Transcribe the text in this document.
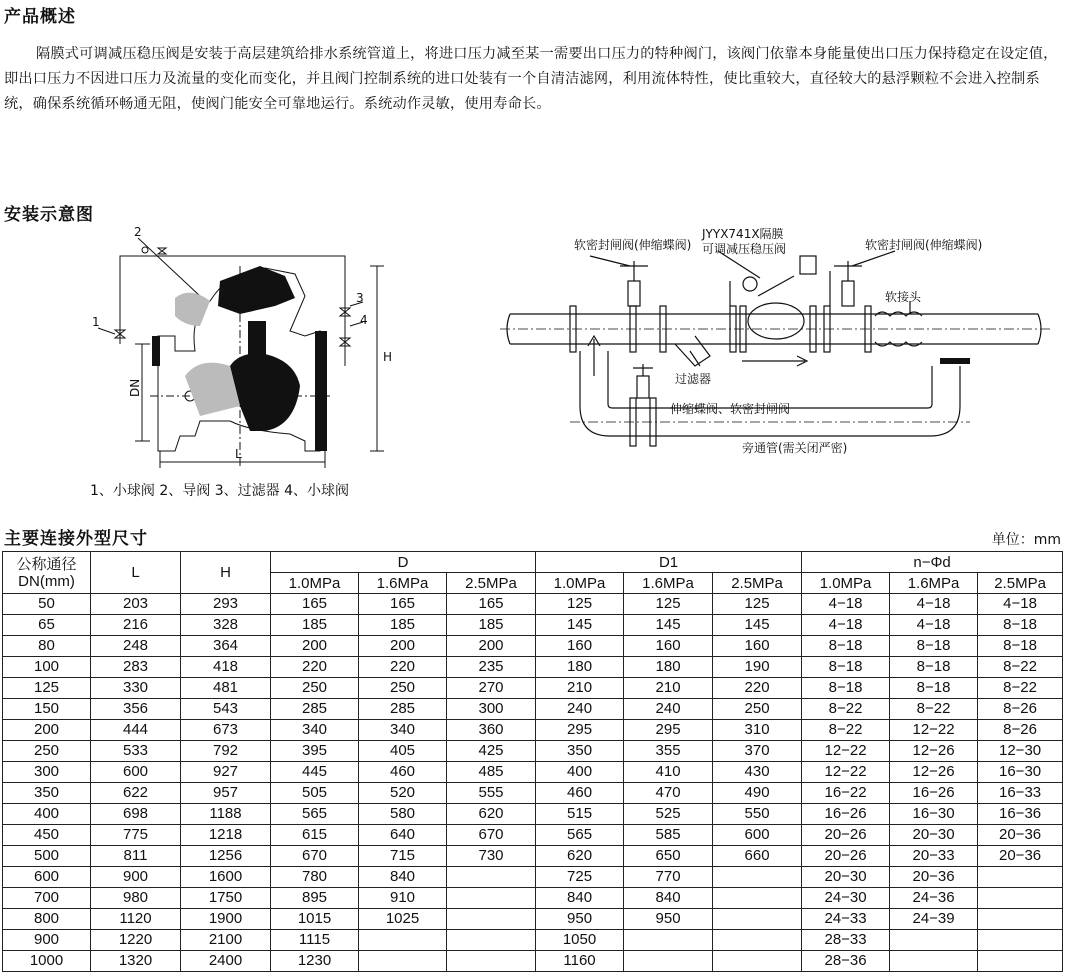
产品概述
隔膜式可调减压稳压阀是安装于高层建筑给排水系统管道上，将进口压力减至某一需要出口压力的特种阀门，该阀门依靠本身能量使出口压力保持稳定在设定值，即出口压力不因进口压力及流量的变化而变化，并且阀门控制系统的进口处装有一个自清洁滤网，利用流体特性，使比重较大，直径较大的悬浮颗粒不会进入控制系统，确保系统循环畅通无阻，使阀门能安全可靠地运行。系统动作灵敏，使用寿命长。
安装示意图
2
1
3
4
H
DN
L
1、小球阀 2、导阀 3、过滤器 4、小球阀
JYYX741X隔膜
可调减压稳压阀
软密封闸阀(伸缩蝶阀)	软密封闸阀(伸缩蝶阀)
软接头
过滤器
伸缩蝶阀、软密封闸阀
旁通管(需关闭严密)
主要连接外型尺寸	单位：mm
公称通径
DN(mm)	L	H	D			D1			n−Φd		
			1.0MPa	1.6MPa	2.5MPa	1.0MPa	1.6MPa	2.5MPa	1.0MPa	1.6MPa	2.5MPa
50	203	293	165	165	165	125	125	125	4−18	4−18	4−18
65	216	328	185	185	185	145	145	145	4−18	4−18	8−18
80	248	364	200	200	200	160	160	160	8−18	8−18	8−18
100	283	418	220	220	235	180	180	190	8−18	8−18	8−22
125	330	481	250	250	270	210	210	220	8−18	8−18	8−22
150	356	543	285	285	300	240	240	250	8−22	8−22	8−26
200	444	673	340	340	360	295	295	310	8−22	12−22	8−26
250	533	792	395	405	425	350	355	370	12−22	12−26	12−30
300	600	927	445	460	485	400	410	430	12−22	12−26	16−30
350	622	957	505	520	555	460	470	490	16−22	16−26	16−33
400	698	1188	565	580	620	515	525	550	16−26	16−30	16−36
450	775	1218	615	640	670	565	585	600	20−26	20−30	20−36
500	811	1256	670	715	730	620	650	660	20−26	20−33	20−36
600	900	1600	780	840		725	770		20−30	20−36	
700	980	1750	895	910		840	840		24−30	24−36	
800	1120	1900	1015	1025		950	950		24−33	24−39	
900	1220	2100	1115			1050			28−33		
1000	1320	2400	1230			1160			28−36		
